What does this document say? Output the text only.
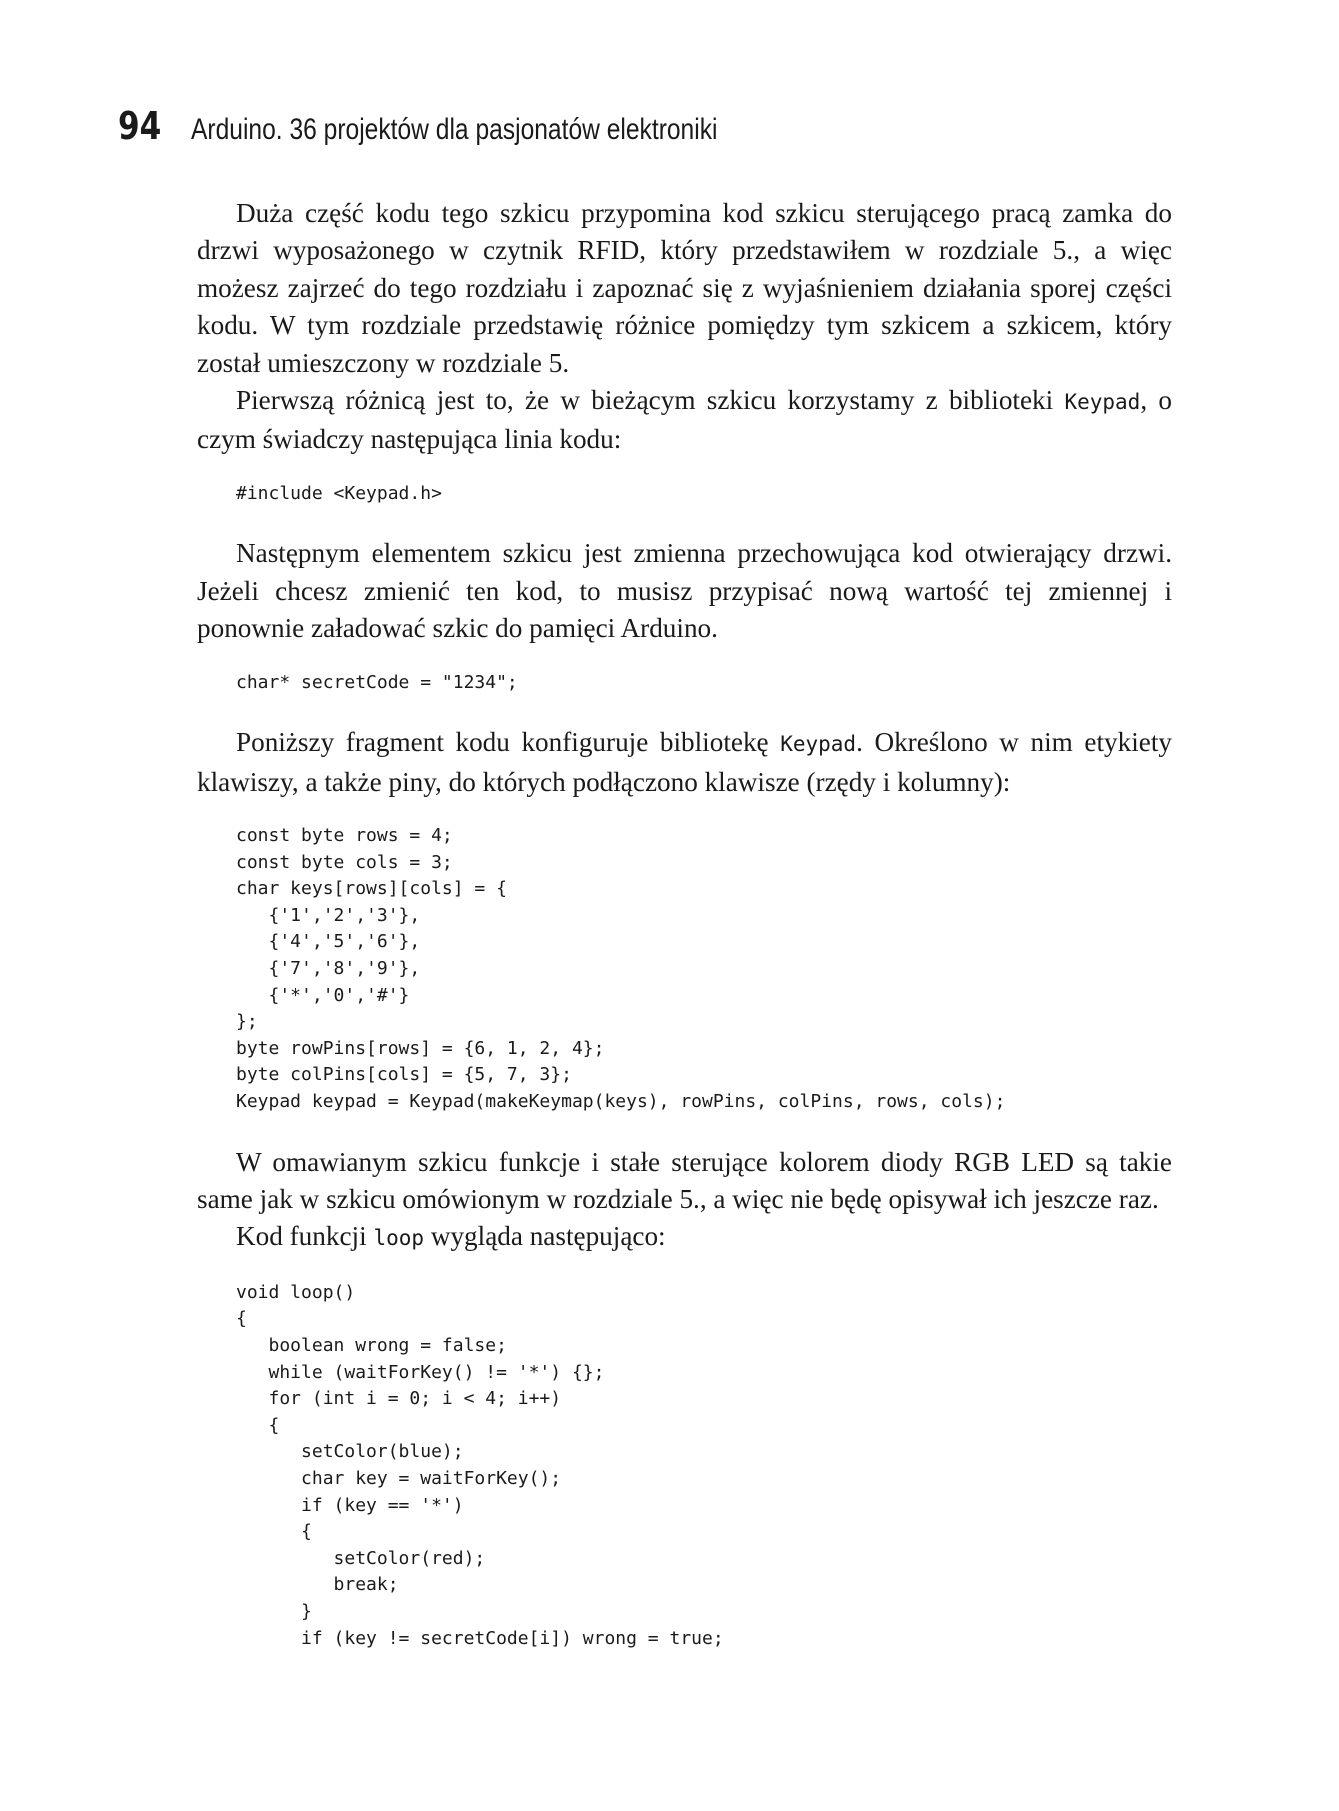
94 Arduino. 36 projektów dla pasjonatów elektroniki

Duża część kodu tego szkicu przypomina kod szkicu sterującego pracą zamka do drzwi wyposażonego w czytnik RFID, który przedstawiłem w rozdziale 5., a więc możesz zajrzeć do tego rozdziału i zapoznać się z wyjaśnieniem działania sporej części kodu. W tym rozdziale przedstawię różnice pomiędzy tym szkicem a szkicem, który został umieszczony w rozdziale 5.

Pierwszą różnicą jest to, że w bieżącym szkicu korzystamy z biblioteki Keypad, o czym świadczy następująca linia kodu:

#include <Keypad.h>

Następnym elementem szkicu jest zmienna przechowująca kod otwierający drzwi. Jeżeli chcesz zmienić ten kod, to musisz przypisać nową wartość tej zmiennej i ponownie załadować szkic do pamięci Arduino.

char* secretCode = "1234";

Poniższy fragment kodu konfiguruje bibliotekę Keypad. Określono w nim etykiety klawiszy, a także piny, do których podłączono klawisze (rzędy i kolumny):

const byte rows = 4;
const byte cols = 3;
char keys[rows][cols] = {
{'1','2','3'},
{'4','5','6'},
{'7','8','9'},
{'*','0','#'}
};
byte rowPins[rows] = {6, 1, 2, 4};
byte colPins[cols] = {5, 7, 3};
Keypad keypad = Keypad(makeKeymap(keys), rowPins, colPins, rows, cols);

W omawianym szkicu funkcje i stałe sterujące kolorem diody RGB LED są takie same jak w szkicu omówionym w rozdziale 5., a więc nie będę opisywał ich jeszcze raz.

Kod funkcji loop wygląda następująco:

void loop()
{
boolean wrong = false;
while (waitForKey() != '*') {};
for (int i = 0; i < 4; i++)
{
setColor(blue);
char key = waitForKey();
if (key == '*')
{
setColor(red);
break;
}
if (key != secretCode[i]) wrong = true;
